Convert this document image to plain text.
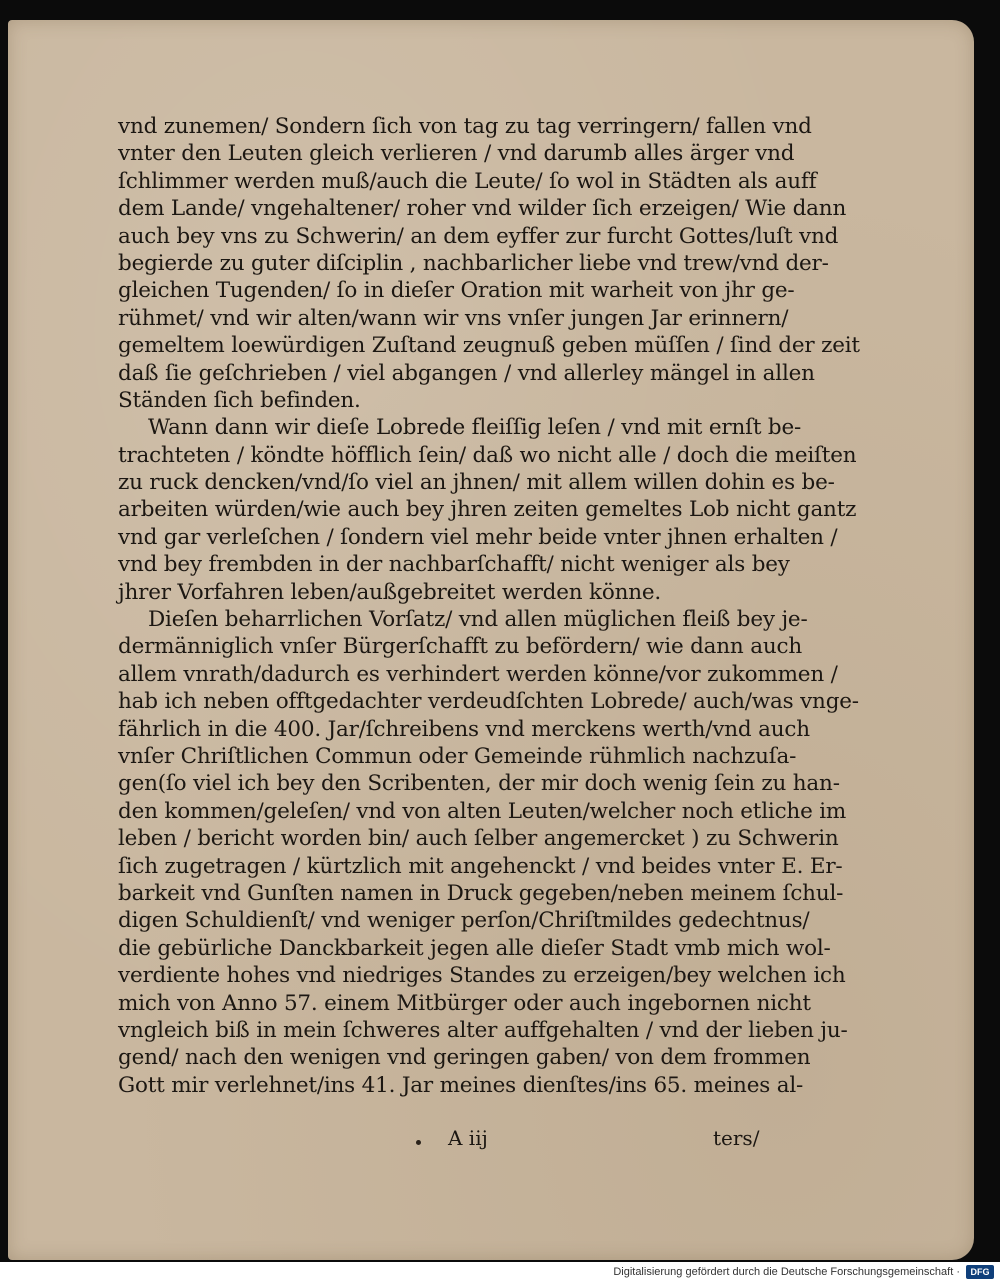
vnd zunemen/ Sondern ſich von tag zu tag verringern/ fallen vnd
vnter den Leuten gleich verlieren / vnd darumb alles ärger vnd
ſchlimmer werden muß/auch die Leute/ ſo wol in Städten als auff
dem Lande/ vngehaltener/ roher vnd wilder ſich erzeigen/ Wie dann
auch bey vns zu Schwerin/ an dem eyffer zur furcht Gottes/luſt vnd
begierde zu guter diſciplin , nachbarlicher liebe vnd trew/vnd der-
gleichen Tugenden/ ſo in dieſer Oration mit warheit von jhr ge-
rühmet/ vnd wir alten/wann wir vns vnſer jungen Jar erinnern/
gemeltem loewürdigen Zuſtand zeugnuß geben müſſen / ſind der zeit
daß ſie geſchrieben / viel abgangen / vnd allerley mängel in allen
Ständen ſich befinden.
Wann dann wir dieſe Lobrede fleiſſig leſen / vnd mit ernſt be-
trachteten / köndte höfflich ſein/ daß wo nicht alle / doch die meiſten
zu ruck dencken/vnd/ſo viel an jhnen/ mit allem willen dohin es be-
arbeiten würden/wie auch bey jhren zeiten gemeltes Lob nicht gantz
vnd gar verleſchen / ſondern viel mehr beide vnter jhnen erhalten /
vnd bey frembden in der nachbarſchafft/ nicht weniger als bey
jhrer Vorfahren leben/außgebreitet werden könne.
Dieſen beharrlichen Vorſatz/ vnd allen müglichen fleiß bey je-
dermänniglich vnſer Bürgerſchafft zu befördern/ wie dann auch
allem vnrath/dadurch es verhindert werden könne/vor zukommen /
hab ich neben offtgedachter verdeudſchten Lobrede/ auch/was vnge-
fährlich in die 400. Jar/ſchreibens vnd merckens werth/vnd auch
vnſer Chriſtlichen Commun oder Gemeinde rühmlich nachzuſa-
gen(ſo viel ich bey den Scribenten, der mir doch wenig ſein zu han-
den kommen/geleſen/ vnd von alten Leuten/welcher noch etliche im
leben / bericht worden bin/ auch ſelber angemercket ) zu Schwerin
ſich zugetragen / kürtzlich mit angehenckt / vnd beides vnter E. Er-
barkeit vnd Gunſten namen in Druck gegeben/neben meinem ſchul-
digen Schuldienſt/ vnd weniger perſon/Chriſtmildes gedechtnus/
die gebürliche Danckbarkeit jegen alle dieſer Stadt vmb mich wol-
verdiente hohes vnd niedriges Standes zu erzeigen/bey welchen ich
mich von Anno 57. einem Mitbürger oder auch ingebornen nicht
vngleich biß in mein ſchweres alter auffgehalten / vnd der lieben ju-
gend/ nach den wenigen vnd geringen gaben/ von dem frommen
Gott mir verlehnet/ins 41. Jar meines dienſtes/ins 65. meines al-
A iij	ters/
Digitalisierung gefördert durch die Deutsche Forschungsgemeinschaft ·	DFG
